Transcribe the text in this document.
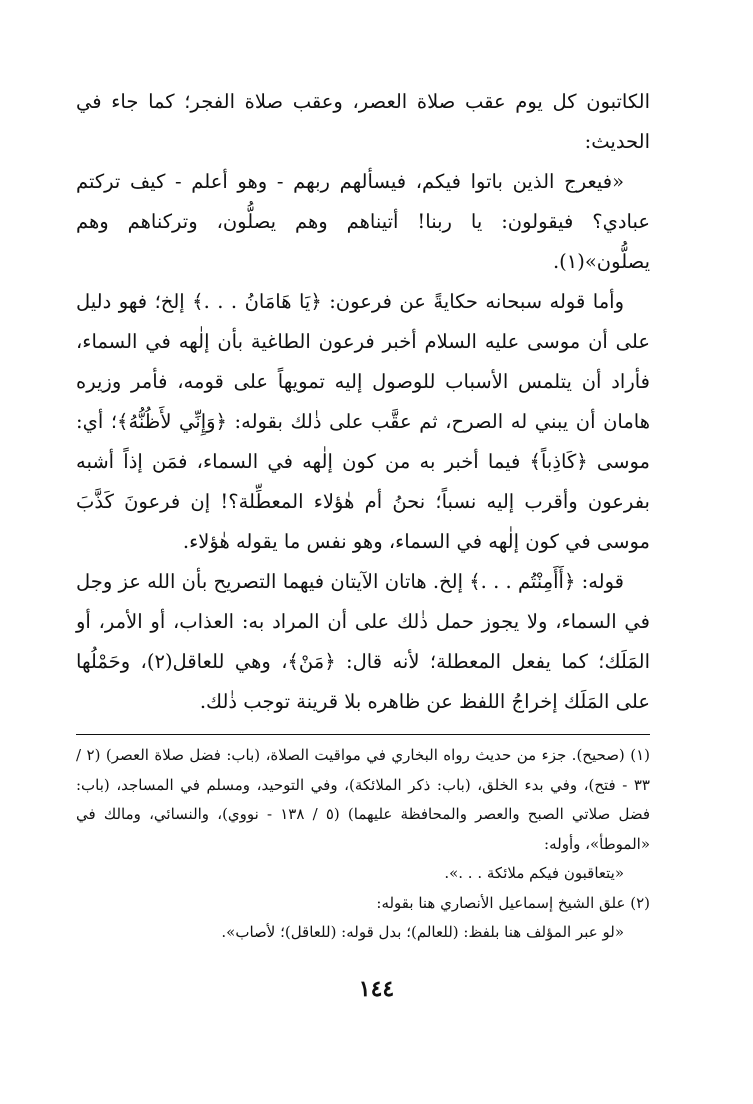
الكاتبون كل يوم عقب صلاة العصر، وعقب صلاة الفجر؛ كما جاء في الحديث:

«فيعرج الذين باتوا فيكم، فيسألهم ربهم - وهو أعلم - كيف تركتم عبادي؟ فيقولون: يا ربنا! أتيناهم وهم يصلُّون، وتركناهم وهم يصلُّون»(١).

وأما قوله سبحانه حكايةً عن فرعون: ﴿يَا هَامَانُ . . .﴾ إلخ؛ فهو دليل على أن موسى عليه السلام أخبر فرعون الطاغية بأن إلٰهه في السماء، فأراد أن يتلمس الأسباب للوصول إليه تمويهاً على قومه، فأمر وزيره هامان أن يبني له الصرح، ثم عقَّب على ذٰلك بقوله: ﴿وَإِنِّي لأَظُنُّهُ﴾؛ أي: موسى ﴿كَاذِباً﴾ فيما أخبر به من كون إلٰهه في السماء، فمَن إذاً أشبه بفرعون وأقرب إليه نسباً؛ نحنُ أم هٰؤلاء المعطِّلة؟! إن فرعونَ كَذَّبَ موسى في كون إلٰهه في السماء، وهو نفس ما يقوله هٰؤلاء.

قوله: ﴿أَأَمِنْتُم . . .﴾ إلخ. هاتان الآيتان فيهما التصريح بأن الله عز وجل في السماء، ولا يجوز حمل ذٰلك على أن المراد به: العذاب، أو الأمر، أو المَلَك؛ كما يفعل المعطلة؛ لأنه قال: ﴿مَنْ﴾، وهي للعاقل(٢)، وحَمْلُها على المَلَك إخراجُ اللفظ عن ظاهره بلا قرينة توجب ذٰلك.

(١) (صحيح). جزء من حديث رواه البخاري في مواقيت الصلاة، (باب: فضل صلاة العصر) (٢ / ٣٣ - فتح)، وفي بدء الخلق، (باب: ذكر الملائكة)، وفي التوحيد، ومسلم في المساجد، (باب: فضل صلاتي الصبح والعصر والمحافظة عليهما) (٥ / ١٣٨ - نووي)، والنسائي، ومالك في «الموطأ»، وأوله:

«يتعاقبون فيكم ملائكة . . .».

(٢) علق الشيخ إسماعيل الأنصاري هنا بقوله:

«لو عبر المؤلف هنا بلفظ: (للعالم)؛ بدل قوله: (للعاقل)؛ لأصاب».

١٤٤
